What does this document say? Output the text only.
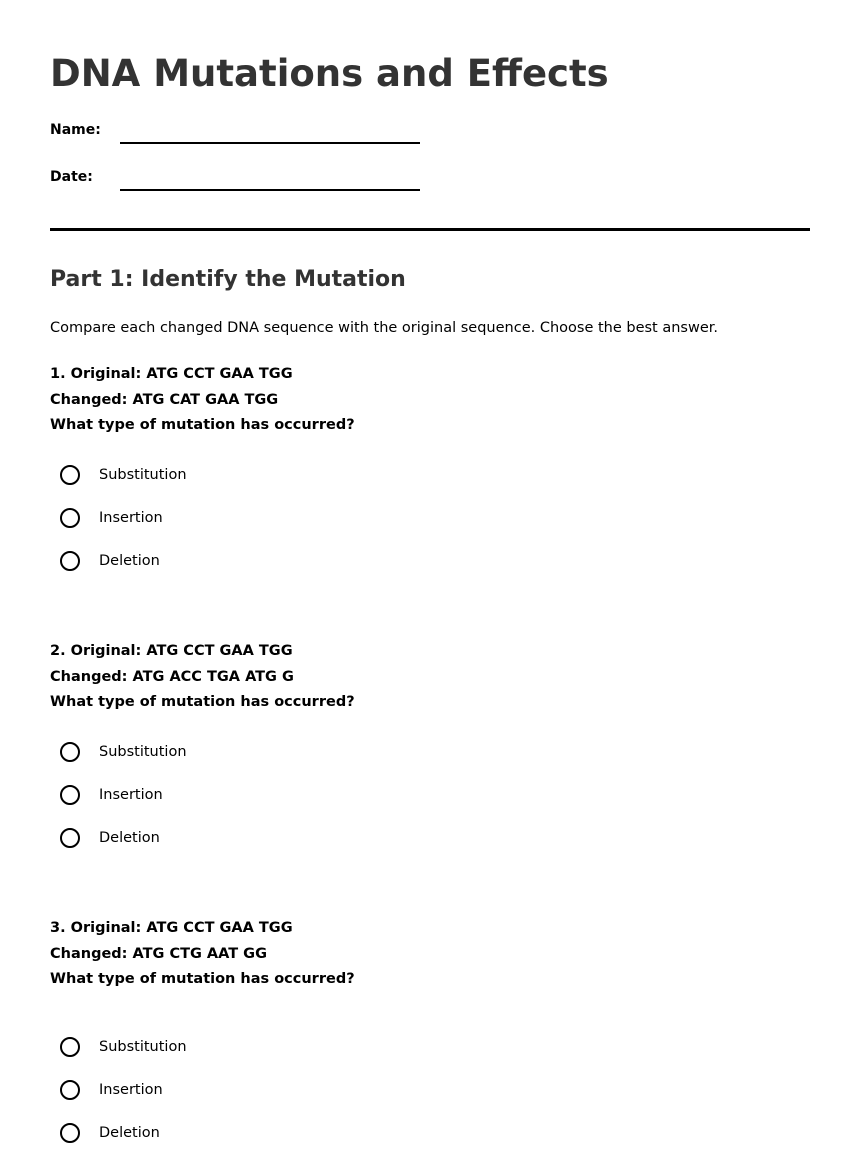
DNA Mutations and Effects
Name:
Date:
Part 1: Identify the Mutation
Compare each changed DNA sequence with the original sequence. Choose the best answer.
1. Original: ATG CCT GAA TGG
Changed: ATG CAT GAA TGG
What type of mutation has occurred?
Substitution
Insertion
Deletion
2. Original: ATG CCT GAA TGG
Changed: ATG ACC TGA ATG G
What type of mutation has occurred?
Substitution
Insertion
Deletion
3. Original: ATG CCT GAA TGG
Changed: ATG CTG AAT GG
What type of mutation has occurred?
Substitution
Insertion
Deletion
